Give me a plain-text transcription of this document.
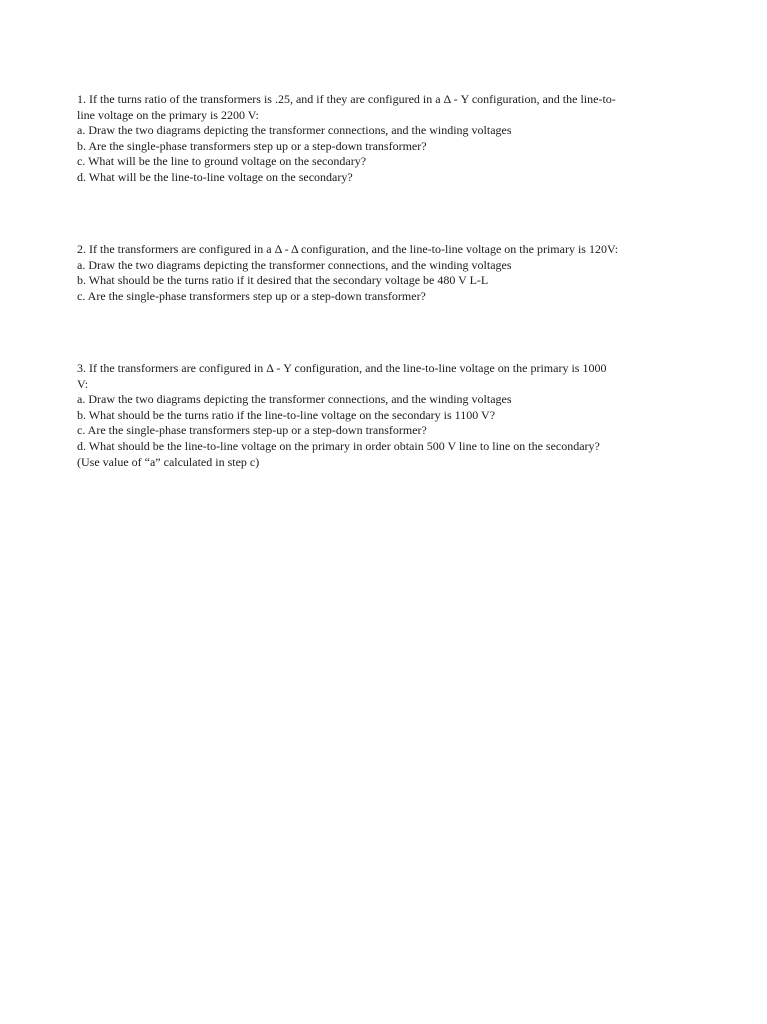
1. If the turns ratio of the transformers is .25, and if they are configured in a Δ - Y configuration, and the line-to-
line voltage on the primary is 2200 V:
a. Draw the two diagrams depicting the transformer connections, and the winding voltages
b. Are the single-phase transformers step up or a step-down transformer?
c. What will be the line to ground voltage on the secondary?
d. What will be the line-to-line voltage on the secondary?
2. If the transformers are configured in a Δ - Δ configuration, and the line-to-line voltage on the primary is 120V:
a. Draw the two diagrams depicting the transformer connections, and the winding voltages
b. What should be the turns ratio if it desired that the secondary voltage be 480 V L-L
c. Are the single-phase transformers step up or a step-down transformer?
3. If the transformers are configured in Δ - Y configuration, and the line-to-line voltage on the primary is 1000
V:
a. Draw the two diagrams depicting the transformer connections, and the winding voltages
b. What should be the turns ratio if the line-to-line voltage on the secondary is 1100 V?
c. Are the single-phase transformers step-up or a step-down transformer?
d. What should be the line-to-line voltage on the primary in order obtain 500 V line to line on the secondary?
(Use value of “a” calculated in step c)
